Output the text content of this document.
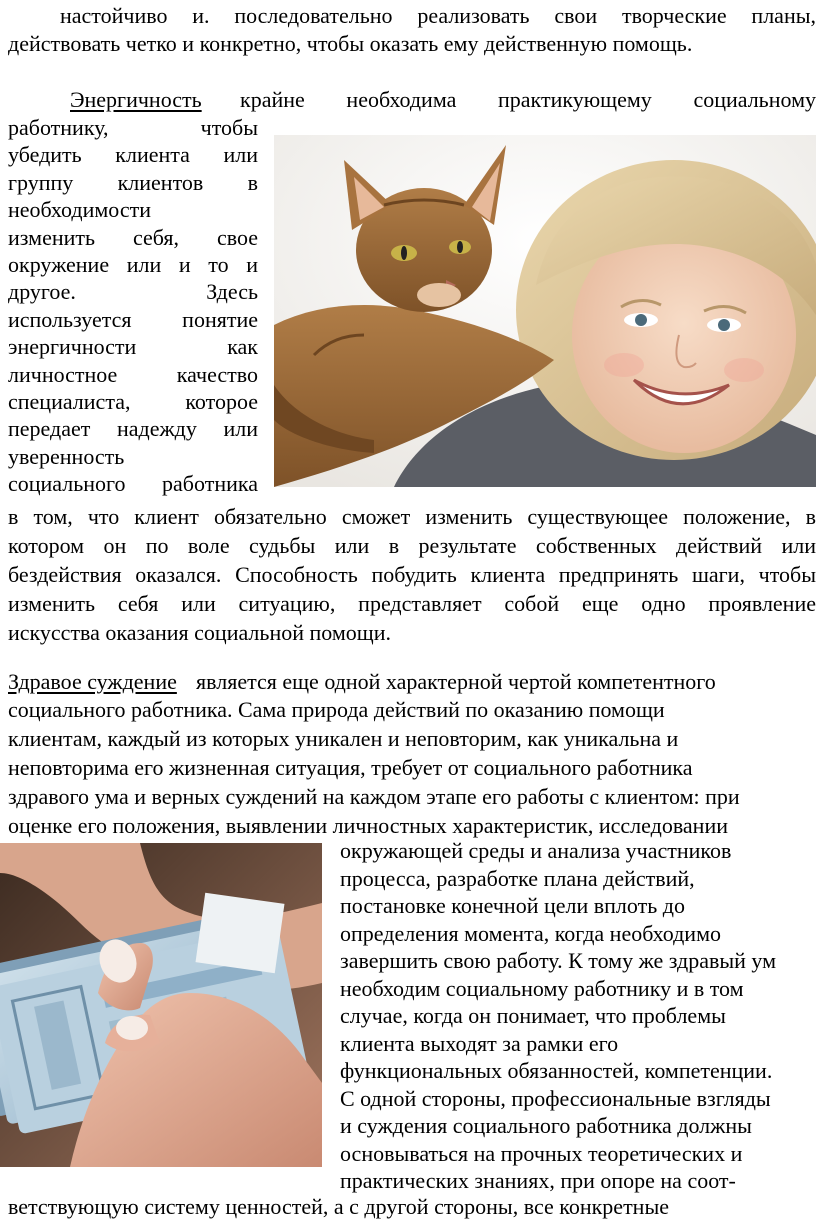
настойчиво и. последовательно реализовать свои творческие планы,
действовать четко и конкретно, чтобы оказать ему действенную помощь.
Энергичность крайне необходима практикующему социальному
работнику, чтобы
убедить клиента или
группу клиентов в
необходимости
изменить себя, свое
окружение или и то и
другое. Здесь
используется понятие
энергичности как
личностное качество
специалиста, которое
передает надежду или
уверенность
социального работника
в том, что клиент обязательно сможет изменить существующее положение, в
котором он по воле судьбы или в результате собственных действий или
бездействия оказался. Способность побудить клиента предпринять шаги, чтобы
изменить себя или ситуацию, представляет собой еще одно проявление
искусства оказания социальной помощи.
Здравое суждение является еще одной характерной чертой компетентного
социального работника. Сама природа действий по оказанию помощи
клиентам, каждый из которых уникален и неповторим, как уникальна и
неповторима его жизненная ситуация, требует от социального работника
здравого ума и верных суждений на каждом этапе его работы с клиентом: при
оценке его положения, выявлении личностных характеристик, исследовании
окружающей среды и анализа участников
процесса, разработке плана действий,
постановке конечной цели вплоть до
определения момента, когда необходимо
завершить свою работу. К тому же здравый ум
необходим социальному работнику и в том
случае, когда он понимает, что проблемы
клиента выходят за рамки его
функциональных обязанностей, компетенции.
С одной стороны, профессиональные взгляды
и суждения социального работника должны
основываться на прочных теоретических и
практических знаниях, при опоре на соот-
ветствующую систему ценностей, а с другой стороны, все конкретные
